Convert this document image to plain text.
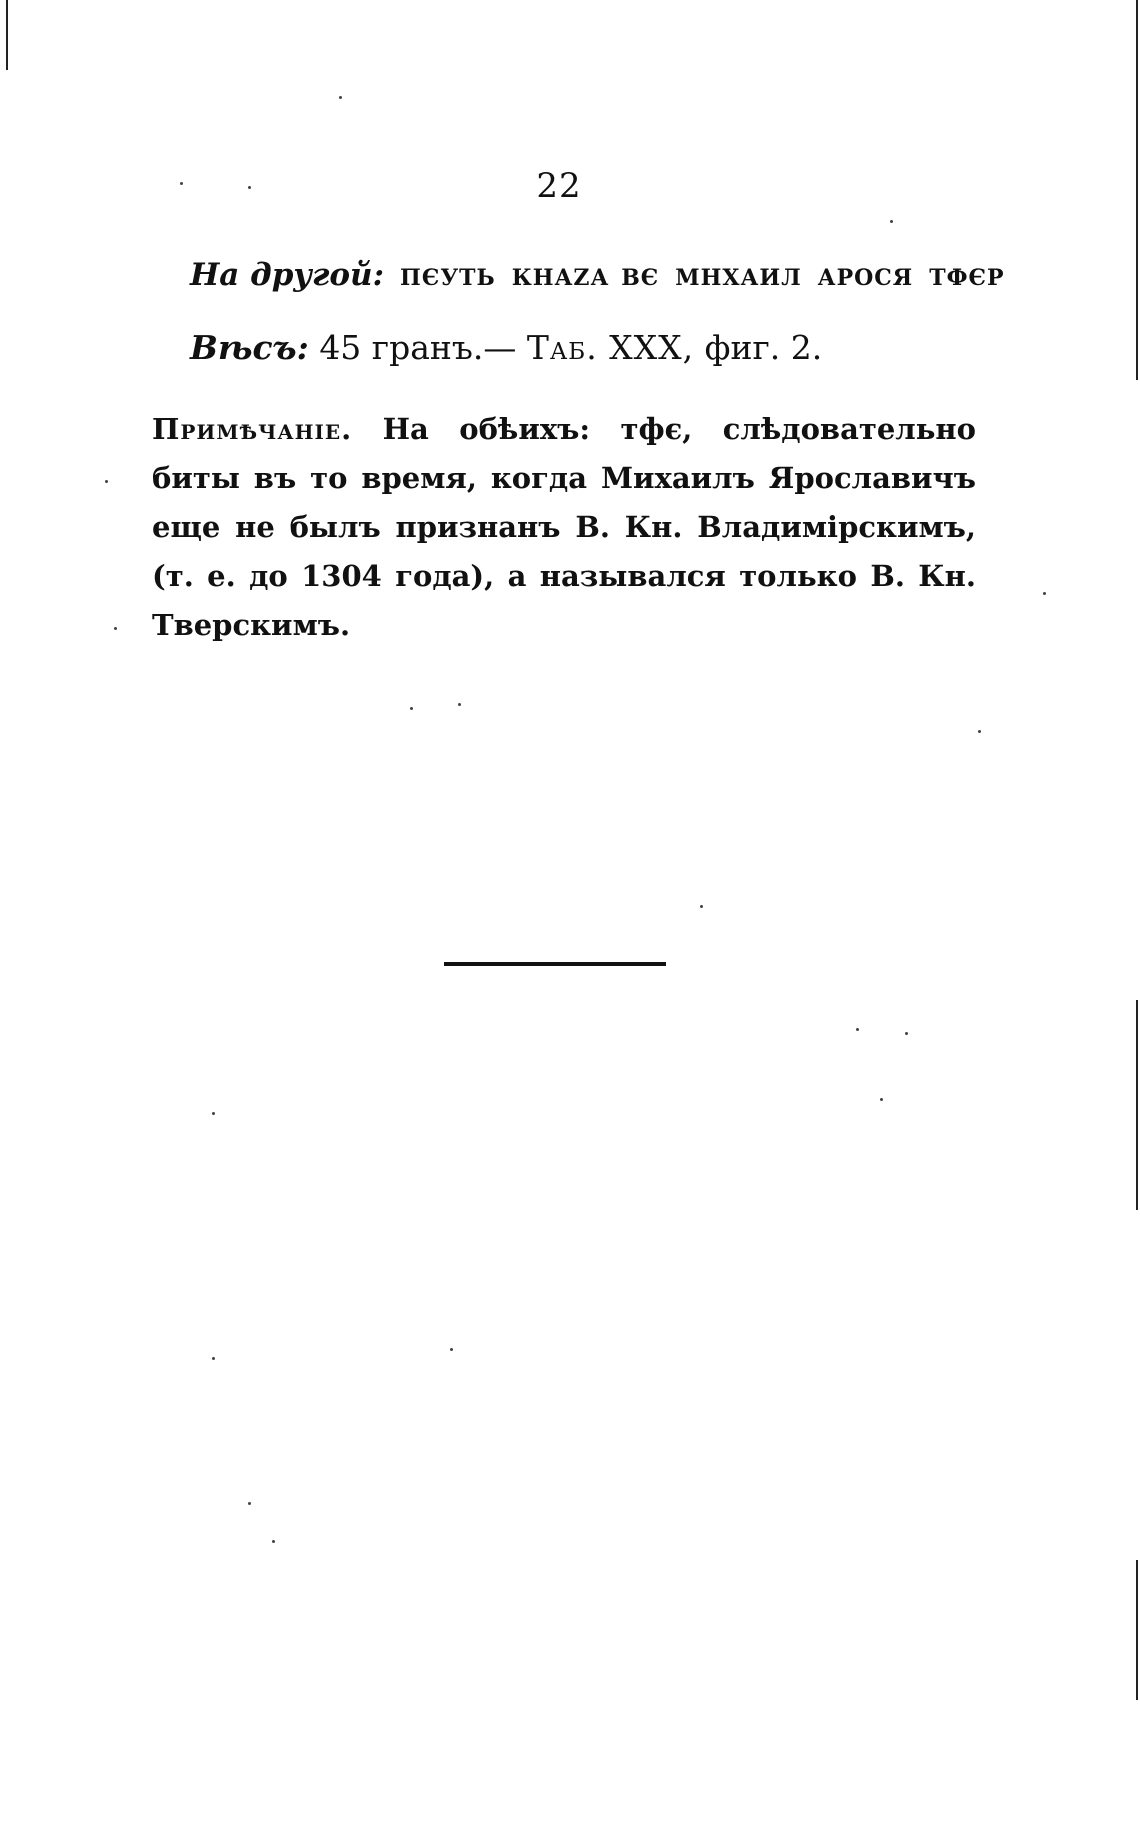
22
На другой: пєуть кнаzа вє мнхаил арося тфєр
Вѣсъ: 45 гранъ.— Таб. XXX, фиг. 2.
Примѣчаніе. На обѣихъ: тфє, слѣдовательно
биты въ то время, когда Михаилъ Ярославичъ
еще не былъ признанъ В. Кн. Владимірскимъ,
(т. е. до 1304 года), а назывался только В. Кн.
Тверскимъ.
